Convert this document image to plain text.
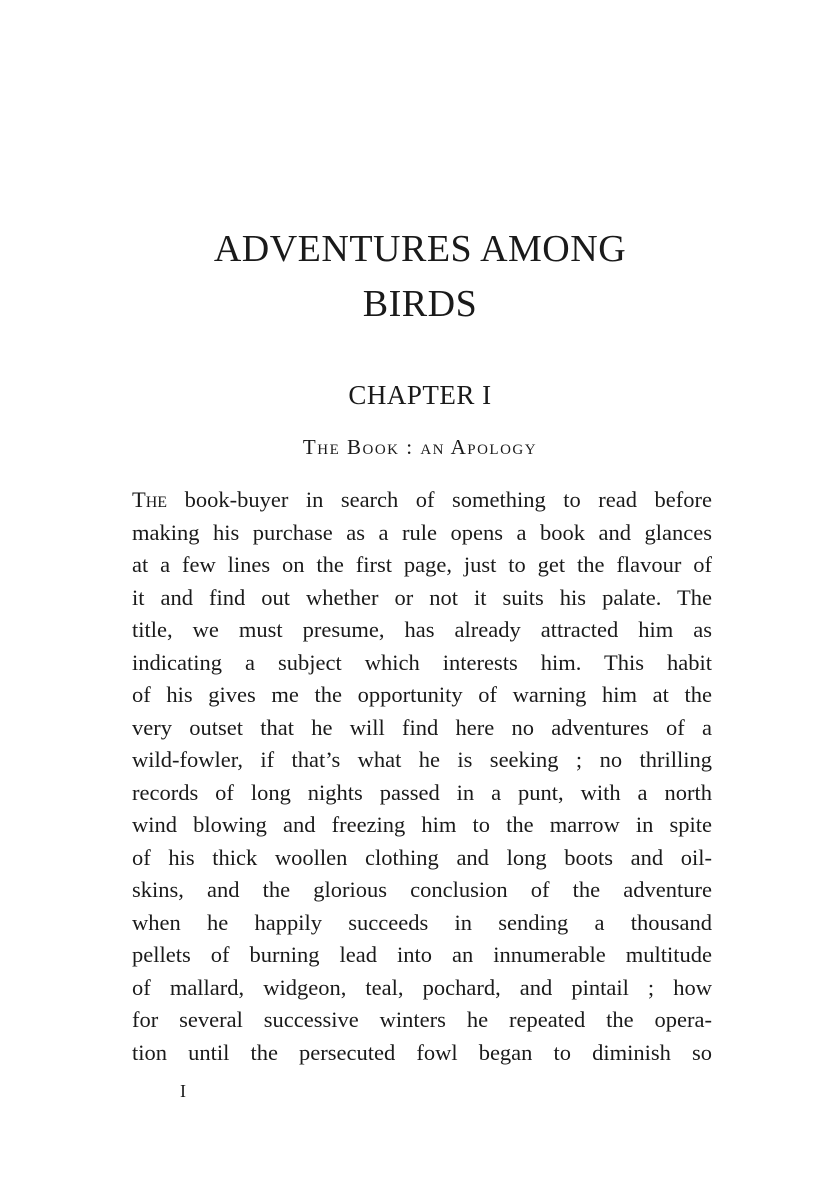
ADVENTURES AMONG
BIRDS
CHAPTER I
The Book : an Apology

The book-buyer in search of something to read before
making his purchase as a rule opens a book and glances
at a few lines on the first page, just to get the flavour of
it and find out whether or not it suits his palate. The
title, we must presume, has already attracted him as
indicating a subject which interests him. This habit
of his gives me the opportunity of warning him at the
very outset that he will find here no adventures of a
wild-fowler, if that’s what he is seeking ; no thrilling
records of long nights passed in a punt, with a north
wind blowing and freezing him to the marrow in spite
of his thick woollen clothing and long boots and oil-
skins, and the glorious conclusion of the adventure
when he happily succeeds in sending a thousand
pellets of burning lead into an innumerable multitude
of mallard, widgeon, teal, pochard, and pintail ; how
for several successive winters he repeated the opera-
tion until the persecuted fowl began to diminish so

I
